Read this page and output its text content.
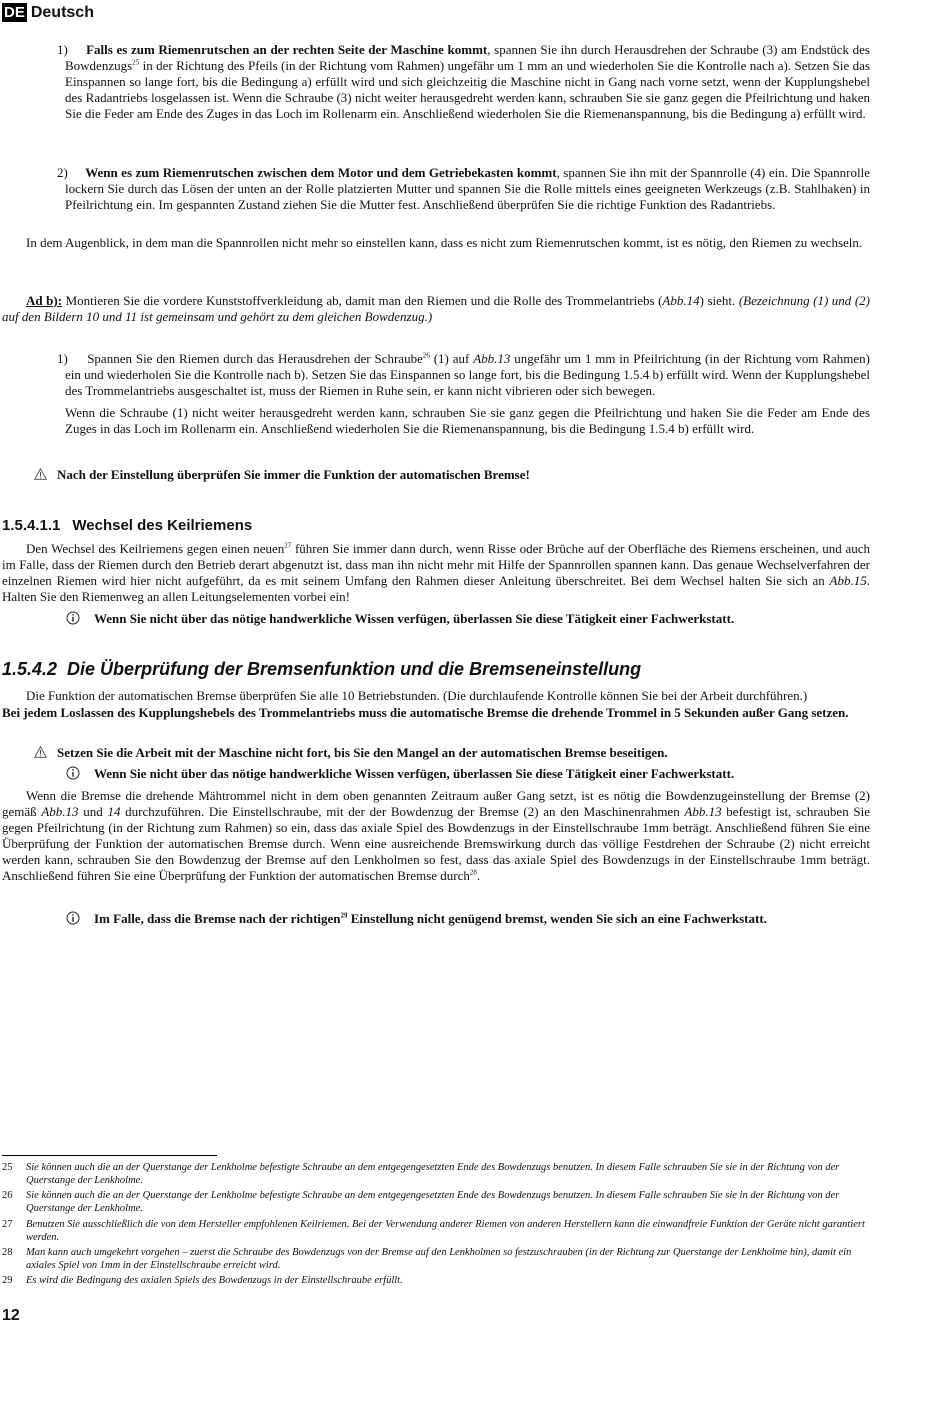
DE Deutsch
1) Falls es zum Riemenrutschen an der rechten Seite der Maschine kommt, spannen Sie ihn durch Herausdrehen der Schraube (3) am Endstück des Bowdenzugs$^{25}$ in der Richtung des Pfeils (in der Richtung vom Rahmen) ungefähr um 1 mm an und wiederholen Sie die Kontrolle nach a). Setzen Sie das Einspannen so lange fort, bis die Bedingung a) erfüllt wird und sich gleichzeitig die Maschine nicht in Gang nach vorne setzt, wenn der Kupplungshebel des Radantriebs losgelassen ist. Wenn die Schraube (3) nicht weiter herausgedreht werden kann, schrauben Sie sie ganz gegen die Pfeilrichtung und haken Sie die Feder am Ende des Zuges in das Loch im Rollenarm ein. Anschließend wiederholen Sie die Riemenanspannung, bis die Bedingung a) erfüllt wird.
2) Wenn es zum Riemenrutschen zwischen dem Motor und dem Getriebekasten kommt, spannen Sie ihn mit der Spannrolle (4) ein. Die Spannrolle lockern Sie durch das Lösen der unten an der Rolle platzierten Mutter und spannen Sie die Rolle mittels eines geeigneten Werkzeugs (z.B. Stahlhaken) in Pfeilrichtung ein. Im gespannten Zustand ziehen Sie die Mutter fest. Anschließend überprüfen Sie die richtige Funktion des Radantriebs.
In dem Augenblick, in dem man die Spannrollen nicht mehr so einstellen kann, dass es nicht zum Riemenrutschen kommt, ist es nötig, den Riemen zu wechseln.
Ad b): Montieren Sie die vordere Kunststoffverkleidung ab, damit man den Riemen und die Rolle des Trommelantriebs (Abb.14) sieht. (Bezeichnung (1) und (2) auf den Bildern 10 und 11 ist gemeinsam und gehört zu dem gleichen Bowdenzug.)
1) Spannen Sie den Riemen durch das Herausdrehen der Schraube$^{26}$ (1) auf Abb.13 ungefähr um 1 mm in Pfeilrichtung (in der Richtung vom Rahmen) ein und wiederholen Sie die Kontrolle nach b). Setzen Sie das Einspannen so lange fort, bis die Bedingung 1.5.4 b) erfüllt wird. Wenn der Kupplungshebel des Trommelantriebs ausgeschaltet ist, muss der Riemen in Ruhe sein, er kann nicht vibrieren oder sich bewegen.
Wenn die Schraube (1) nicht weiter herausgedreht werden kann, schrauben Sie sie ganz gegen die Pfeilrichtung und haken Sie die Feder am Ende des Zuges in das Loch im Rollenarm ein. Anschließend wiederholen Sie die Riemenanspannung, bis die Bedingung 1.5.4 b) erfüllt wird.
Nach der Einstellung überprüfen Sie immer die Funktion der automatischen Bremse!
1.5.4.1.1 Wechsel des Keilriemens
Den Wechsel des Keilriemens gegen einen neuen$^{27}$ führen Sie immer dann durch, wenn Risse oder Brüche auf der Oberfläche des Riemens erscheinen, und auch im Falle, dass der Riemen durch den Betrieb derart abgenutzt ist, dass man ihn nicht mehr mit Hilfe der Spannrollen spannen kann. Das genaue Wechselverfahren der einzelnen Riemen wird hier nicht aufgeführt, da es mit seinem Umfang den Rahmen dieser Anleitung überschreitet. Bei dem Wechsel halten Sie sich an Abb.15. Halten Sie den Riemenweg an allen Leitungselementen vorbei ein!
Wenn Sie nicht über das nötige handwerkliche Wissen verfügen, überlassen Sie diese Tätigkeit einer Fachwerkstatt.
1.5.4.2 Die Überprüfung der Bremsenfunktion und die Bremseneinstellung
Die Funktion der automatischen Bremse überprüfen Sie alle 10 Betriebstunden. (Die durchlaufende Kontrolle können Sie bei der Arbeit durchführen.)
Bei jedem Loslassen des Kupplungshebels des Trommelantriebs muss die automatische Bremse die drehende Trommel in 5 Sekunden außer Gang setzen.
Setzen Sie die Arbeit mit der Maschine nicht fort, bis Sie den Mangel an der automatischen Bremse beseitigen.
Wenn Sie nicht über das nötige handwerkliche Wissen verfügen, überlassen Sie diese Tätigkeit einer Fachwerkstatt.
Wenn die Bremse die drehende Mähtrommel nicht in dem oben genannten Zeitraum außer Gang setzt, ist es nötig die Bowdenzugeinstellung der Bremse (2) gemäß Abb.13 und 14 durchzuführen. Die Einstellschraube, mit der der Bowdenzug der Bremse (2) an den Maschinenrahmen Abb.13 befestigt ist, schrauben Sie gegen Pfeilrichtung (in der Richtung zum Rahmen) so ein, dass das axiale Spiel des Bowdenzugs in der Einstellschraube 1mm beträgt. Anschließend führen Sie eine Überprüfung der Funktion der automatischen Bremse durch. Wenn eine ausreichende Bremswirkung durch das völlige Festdrehen der Schraube (2) nicht erreicht werden kann, schrauben Sie den Bowdenzug der Bremse auf den Lenkholmen so fest, dass das axiale Spiel des Bowdenzugs in der Einstellschraube 1mm beträgt. Anschließend führen Sie eine Überprüfung der Funktion der automatischen Bremse durch$^{28}$.
Im Falle, dass die Bremse nach der richtigen$^{29}$ Einstellung nicht genügend bremst, wenden Sie sich an eine Fachwerkstatt.
25	Sie können auch die an der Querstange der Lenkholme befestigte Schraube an dem entgegengesetzten Ende des Bowdenzugs benutzen. In diesem Falle schrauben Sie sie in der Richtung von der Querstange der Lenkholme.
26	Sie können auch die an der Querstange der Lenkholme befestigte Schraube an dem entgegengesetzten Ende des Bowdenzugs benutzen. In diesem Falle schrauben Sie sie in der Richtung von der Querstange der Lenkholme.
27	Benutzen Sie ausschließlich die von dem Hersteller empfohlenen Keilriemen. Bei der Verwendung anderer Riemen von anderen Herstellern kann die einwandfreie Funktion der Geräte nicht garantiert werden.
28	Man kann auch umgekehrt vorgehen – zuerst die Schraube des Bowdenzugs von der Bremse auf den Lenkholmen so festzuschrauben (in der Richtung zur Querstange der Lenkholme hin), damit ein axiales Spiel von 1mm in der Einstellschraube erreicht wird.
29	Es wird die Bedingung des axialen Spiels des Bowdenzugs in der Einstellschraube erfüllt.
12
